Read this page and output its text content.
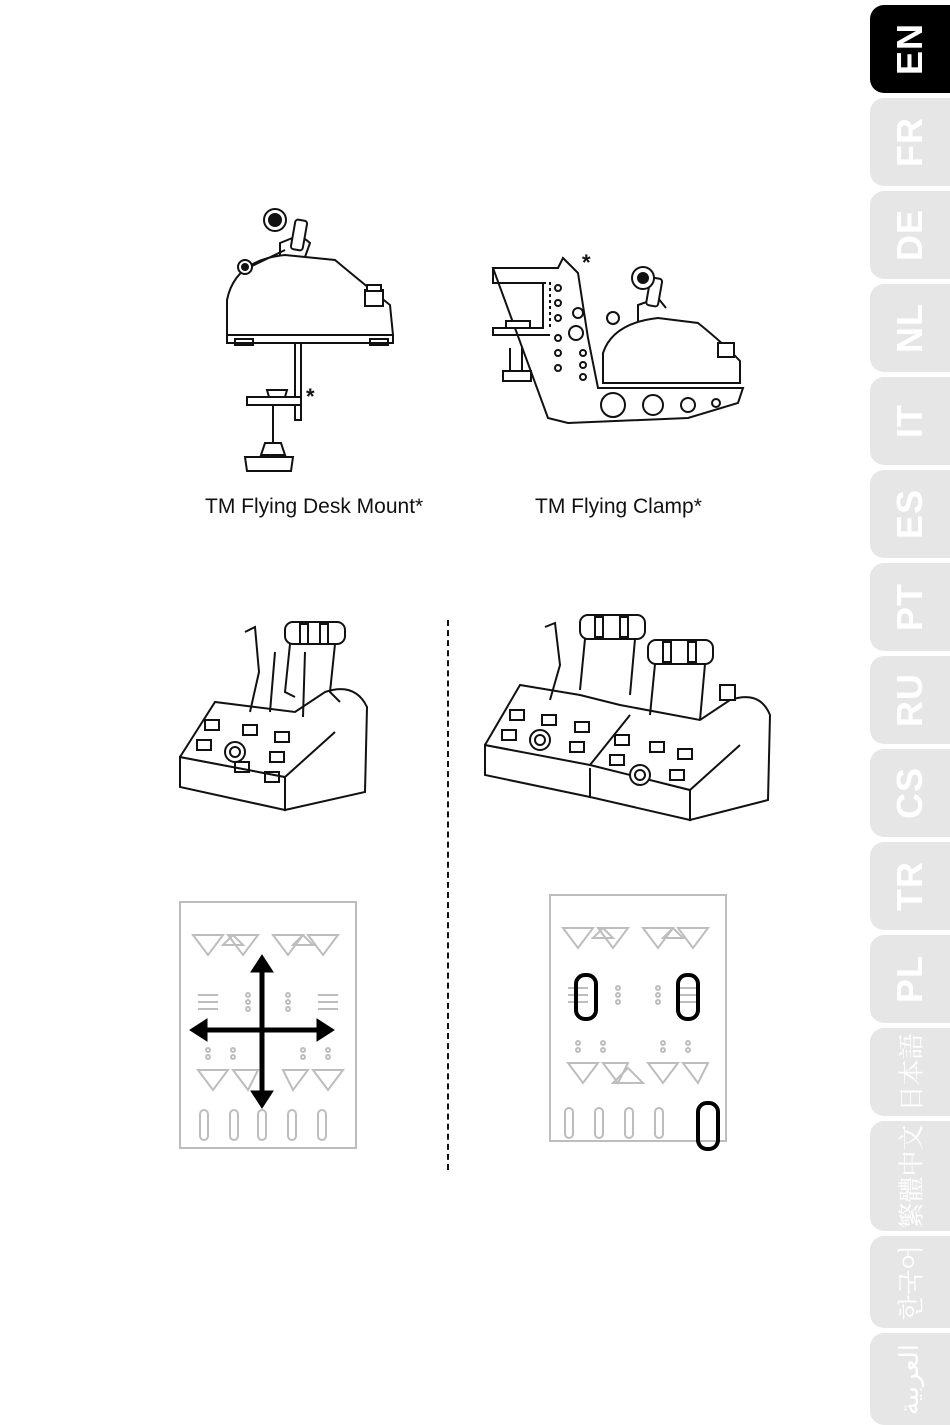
EN
FR
DE
NL
IT
ES
PT
RU
CS
TR
PL
日本語
繁體中文
한국어
العربية
*
TM Flying Desk Mount*
*
TM Flying Clamp*
